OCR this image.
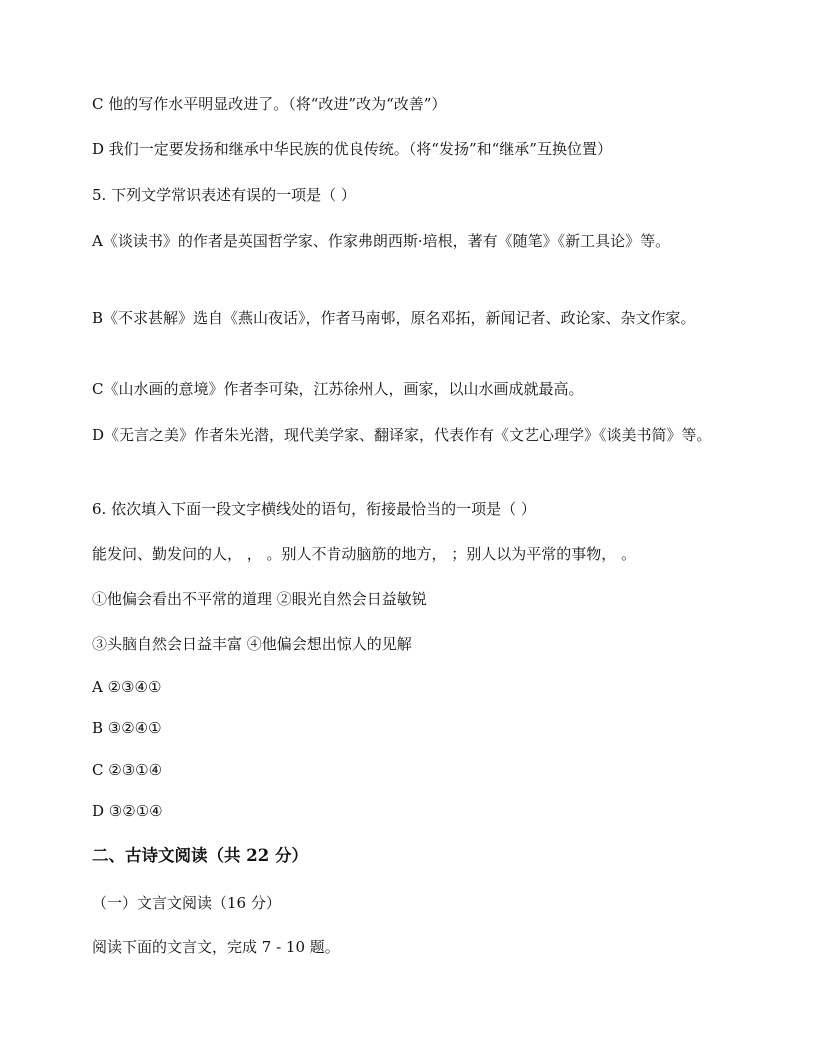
C 他的写作水平明显改进了。（将“改进”改为“改善”）
D 我们一定要发扬和继承中华民族的优良传统。（将“发扬”和“继承”互换位置）
5. 下列文学常识表述有误的一项是（ ）
A《谈读书》的作者是英国哲学家、作家弗朗西斯·培根，著有《随笔》《新工具论》等。
B《不求甚解》选自《燕山夜话》，作者马南邨，原名邓拓，新闻记者、政论家、杂文作家。
C《山水画的意境》作者李可染，江苏徐州人，画家，以山水画成就最高。
D《无言之美》作者朱光潜，现代美学家、翻译家，代表作有《文艺心理学》《谈美书简》等。
6. 依次填入下面一段文字横线处的语句，衔接最恰当的一项是（ ）
能发问、勤发问的人， ， 。别人不肯动脑筋的地方， ；别人以为平常的事物， 。
①他偏会看出不平常的道理 ②眼光自然会日益敏锐
③头脑自然会日益丰富 ④他偏会想出惊人的见解
A ②③④①
B ③②④①
C ②③①④
D ③②①④
二、古诗文阅读（共 22 分）
（一）文言文阅读（16 分）
阅读下面的文言文，完成 7 - 10 题。
